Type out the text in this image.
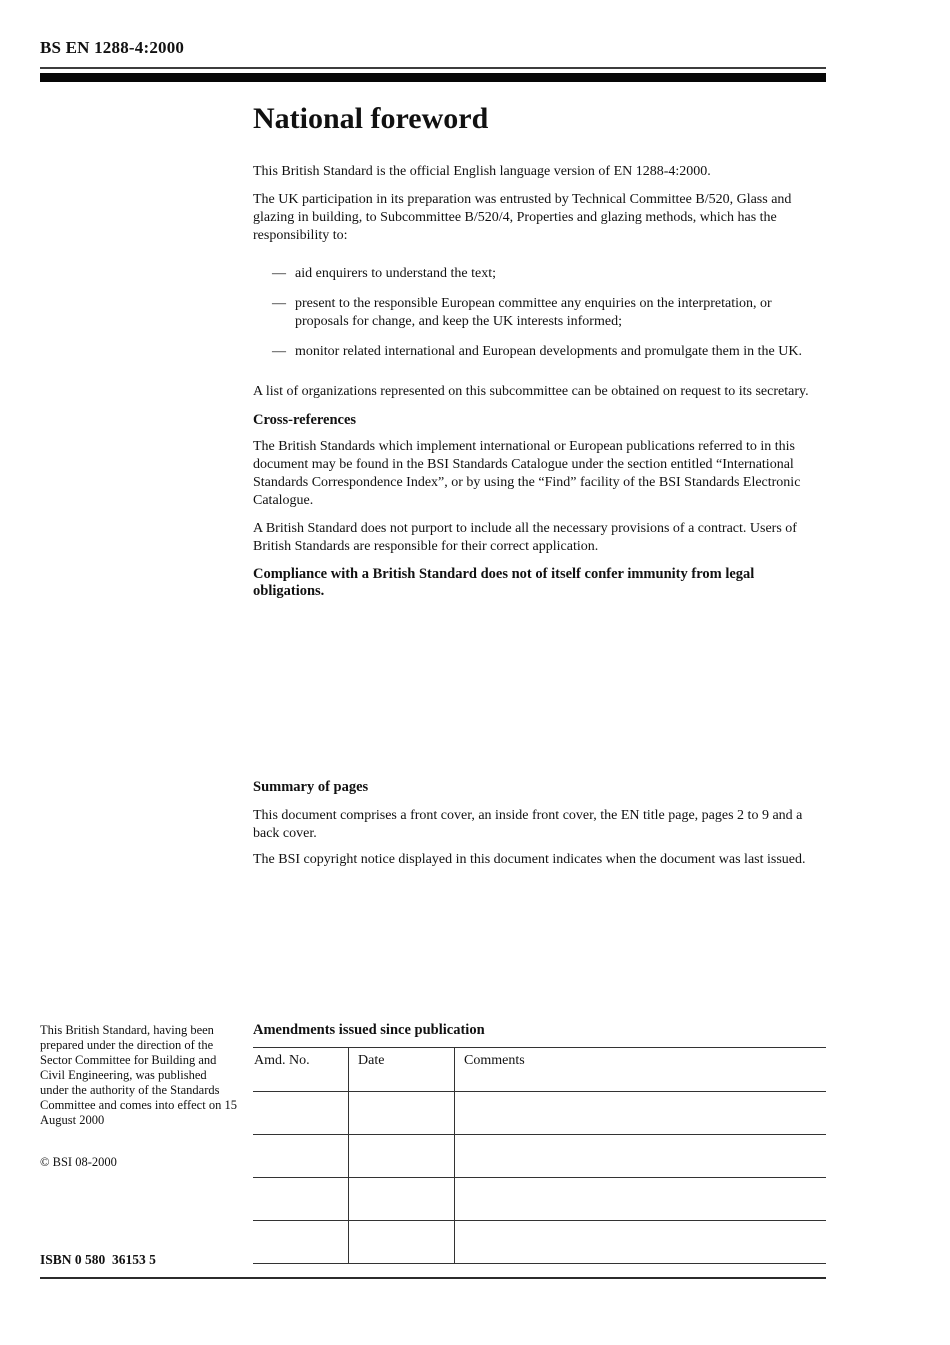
BS EN 1288-4:2000
National foreword

This British Standard is the official English language version of EN 1288-4:2000.

The UK participation in its preparation was entrusted by Technical Committee B/520, Glass and glazing in building, to Subcommittee B/520/4, Properties and glazing methods, which has the responsibility to:

— aid enquirers to understand the text;
— present to the responsible European committee any enquiries on the interpretation, or proposals for change, and keep the UK interests informed;
— monitor related international and European developments and promulgate them in the UK.

A list of organizations represented on this subcommittee can be obtained on request to its secretary.

Cross-references

The British Standards which implement international or European publications referred to in this document may be found in the BSI Standards Catalogue under the section entitled “International Standards Correspondence Index”, or by using the “Find” facility of the BSI Standards Electronic Catalogue.

A British Standard does not purport to include all the necessary provisions of a contract. Users of British Standards are responsible for their correct application.

Compliance with a British Standard does not of itself confer immunity from legal obligations.

Summary of pages

This document comprises a front cover, an inside front cover, the EN title page, pages 2 to 9 and a back cover.

The BSI copyright notice displayed in this document indicates when the document was last issued.

This British Standard, having been prepared under the direction of the Sector Committee for Building and Civil Engineering, was published under the authority of the Standards Committee and comes into effect on 15 August 2000
© BSI 08-2000
Amendments issued since publication
Amd. No.	Date	Comments

ISBN 0 580  36153 5
